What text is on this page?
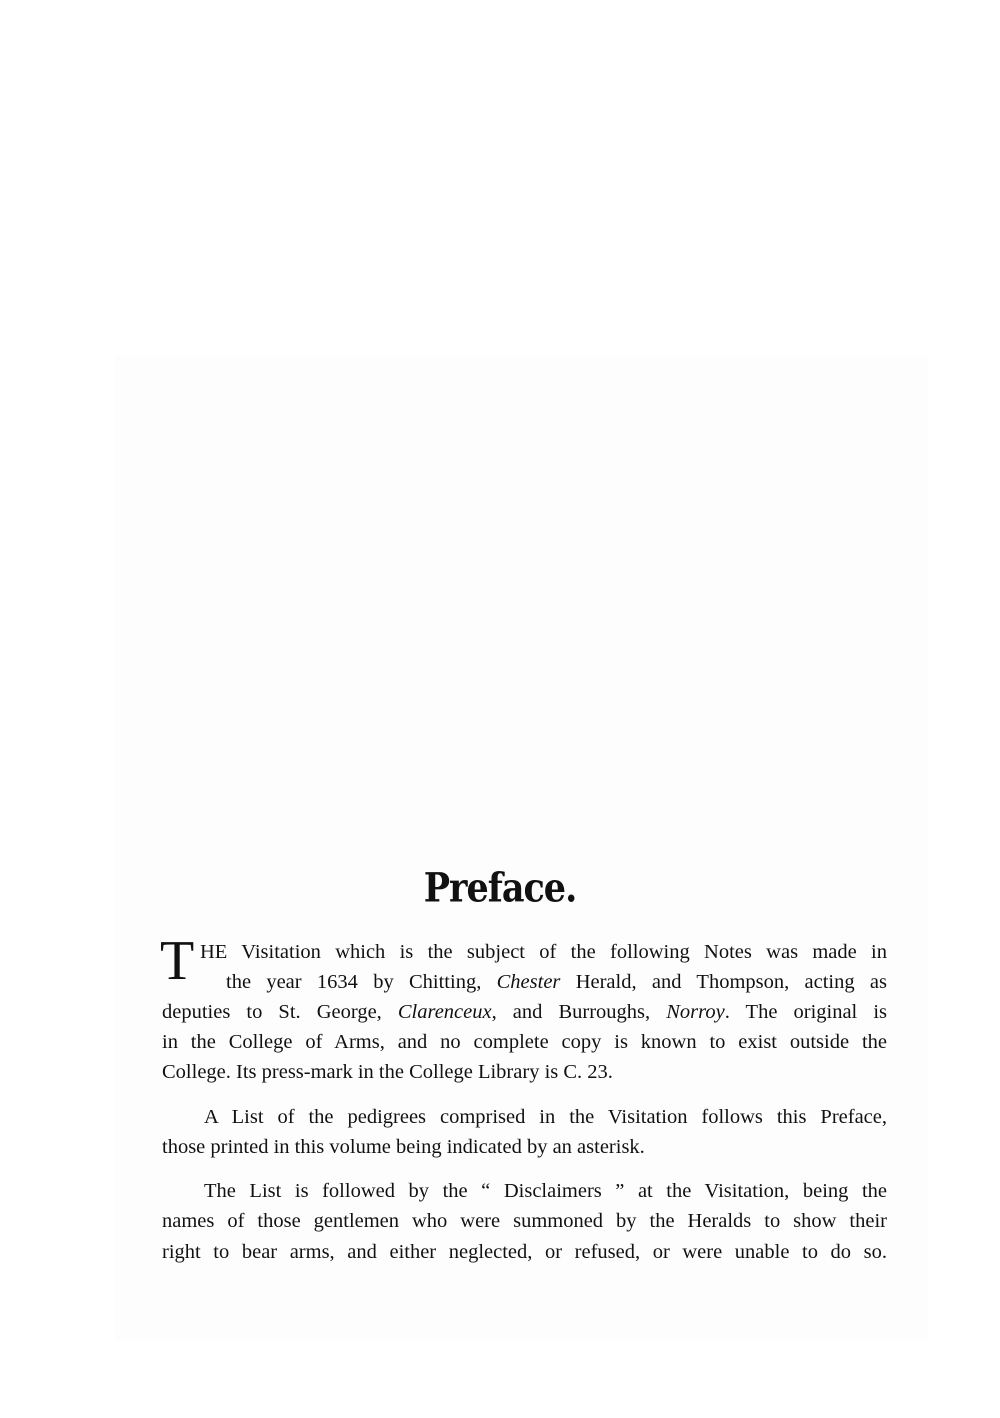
Preface.
T HE Visitation which is the subject of the following Notes was made in
the year 1634 by Chitting, Chester Herald, and Thompson, acting as
deputies to St. George, Clarenceux, and Burroughs, Norroy. The original is
in the College of Arms, and no complete copy is known to exist outside the
College. Its press-mark in the College Library is C. 23.
A List of the pedigrees comprised in the Visitation follows this Preface,
those printed in this volume being indicated by an asterisk.
The List is followed by the “ Disclaimers ” at the Visitation, being the
names of those gentlemen who were summoned by the Heralds to show their
right to bear arms, and either neglected, or refused, or were unable to do so.
